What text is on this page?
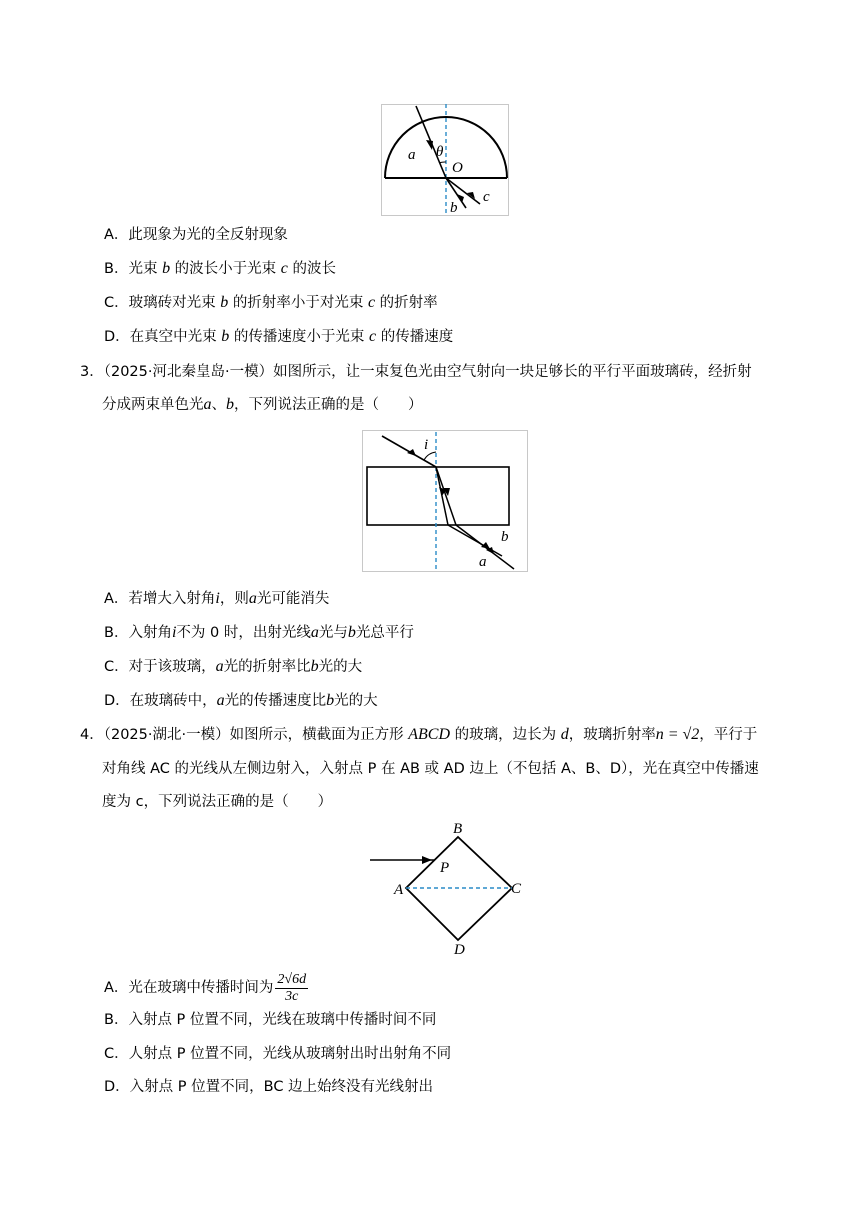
a θ
O
b
c
A．此现象为光的全反射现象
B．光束 b 的波长小于光束 c 的波长
C．玻璃砖对光束 b 的折射率小于对光束 c 的折射率
D．在真空中光束 b 的传播速度小于光束 c 的传播速度
3．（2025·河北秦皇岛·一模）如图所示，让一束复色光由空气射向一块足够长的平行平面玻璃砖，经折射
分成两束单色光a、b，下列说法正确的是（　　）
i
b
a
A．若增大入射角i，则a光可能消失
B．入射角i不为 0 时，出射光线a光与b光总平行
C．对于该玻璃，a光的折射率比b光的大
D．在玻璃砖中，a光的传播速度比b光的大
4．（2025·湖北·一模）如图所示，横截面为正方形 ABCD 的玻璃，边长为 d，玻璃折射率n = √2，平行于
对角线 AC 的光线从左侧边射入，入射点 P 在 AB 或 AD 边上（不包括 A、B、D），光在真空中传播速
度为 c，下列说法正确的是（　　）
B
P
A	C
D
A．光在玻璃中传播时间为 $\frac{2√6d}{3c}$
B．入射点 P 位置不同，光线在玻璃中传播时间不同
C．人射点 P 位置不同，光线从玻璃射出时出射角不同
D．入射点 P 位置不同，BC 边上始终没有光线射出
